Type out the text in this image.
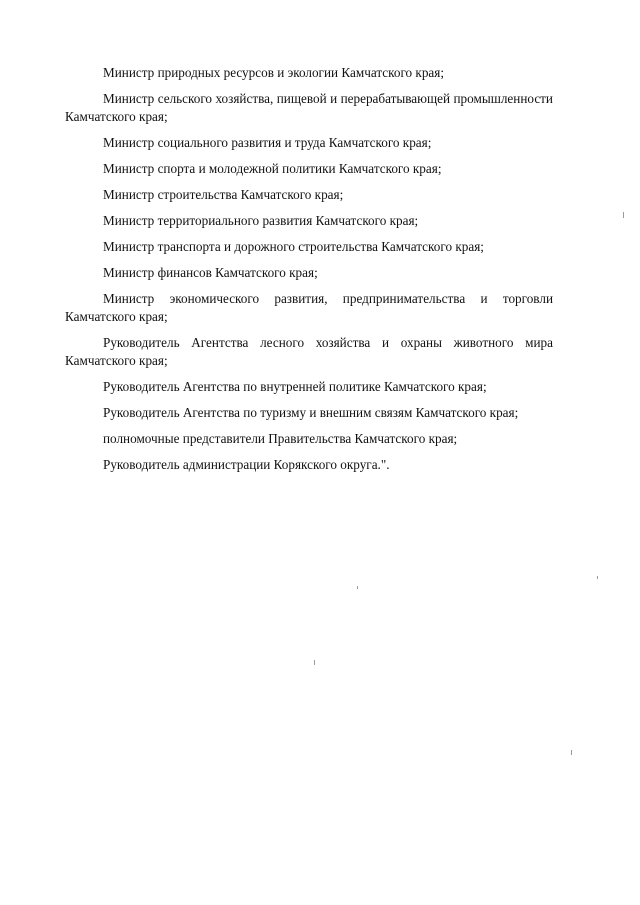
Министр природных ресурсов и экологии Камчатского края;

Министр сельского хозяйства, пищевой и перерабатывающей промышленности Камчатского края;

Министр социального развития и труда Камчатского края;

Министр спорта и молодежной политики Камчатского края;

Министр строительства Камчатского края;

Министр территориального развития Камчатского края;

Министр транспорта и дорожного строительства Камчатского края;

Министр финансов Камчатского края;

Министр экономического развития, предпринимательства и торговли Камчатского края;

Руководитель Агентства лесного хозяйства и охраны животного мира Камчатского края;

Руководитель Агентства по внутренней политике Камчатского края;

Руководитель Агентства по туризму и внешним связям Камчатского края;

полномочные представители Правительства Камчатского края;

Руководитель администрации Корякского округа.".
